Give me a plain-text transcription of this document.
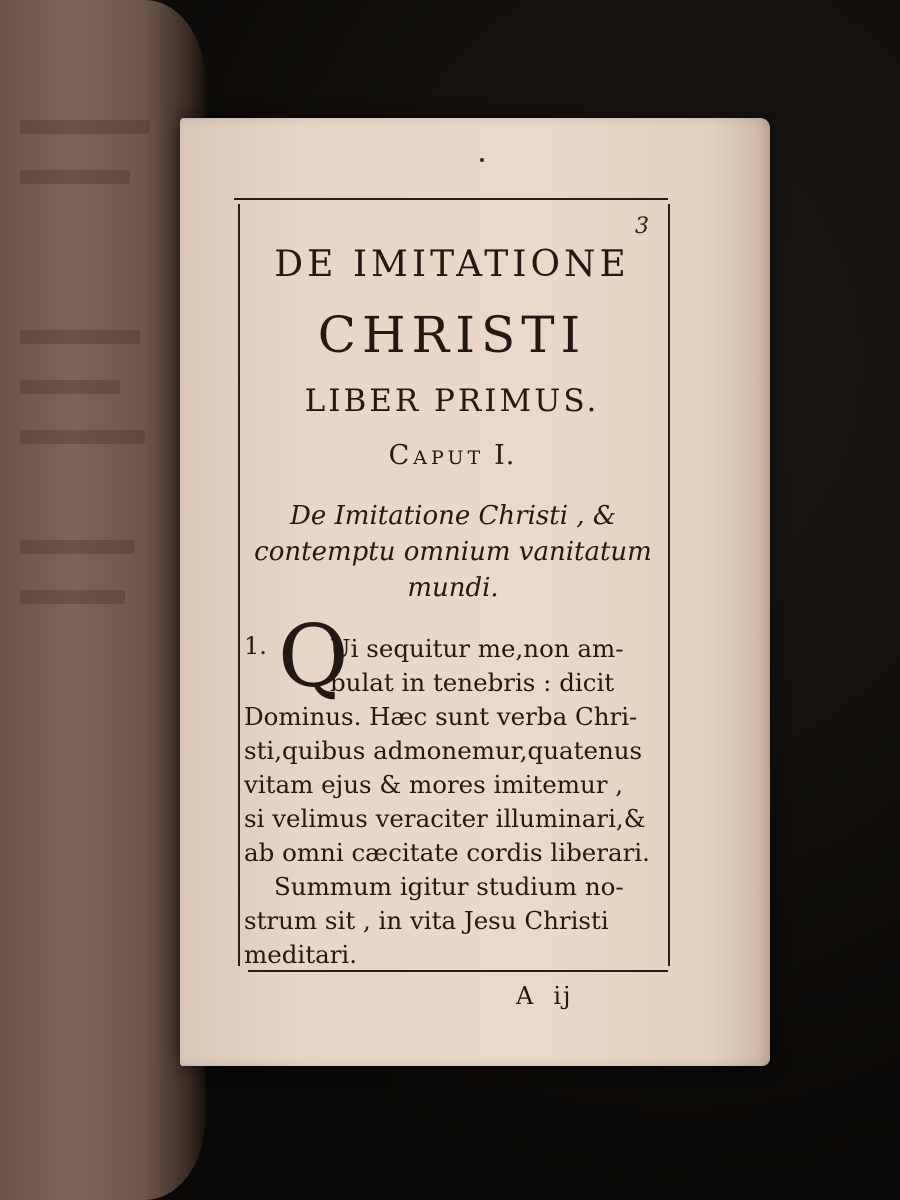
3
DE IMITATIONE
CHRISTI
LIBER PRIMUS.
Caput I.
De Imitatione Christi , & contemptu omnium vanitatum mundi.
1. Q
Ui sequitur me,non am-
bulat in tenebris : dicit
Dominus. Hæc sunt verba Chri-
sti,quibus admonemur,quatenus
vitam ejus & mores imitemur ,
si velimus veraciter illuminari,&
ab omni cæcitate cordis liberari.
Summum igitur studium no-
strum sit , in vita Jesu Christi
meditari.
A ij
